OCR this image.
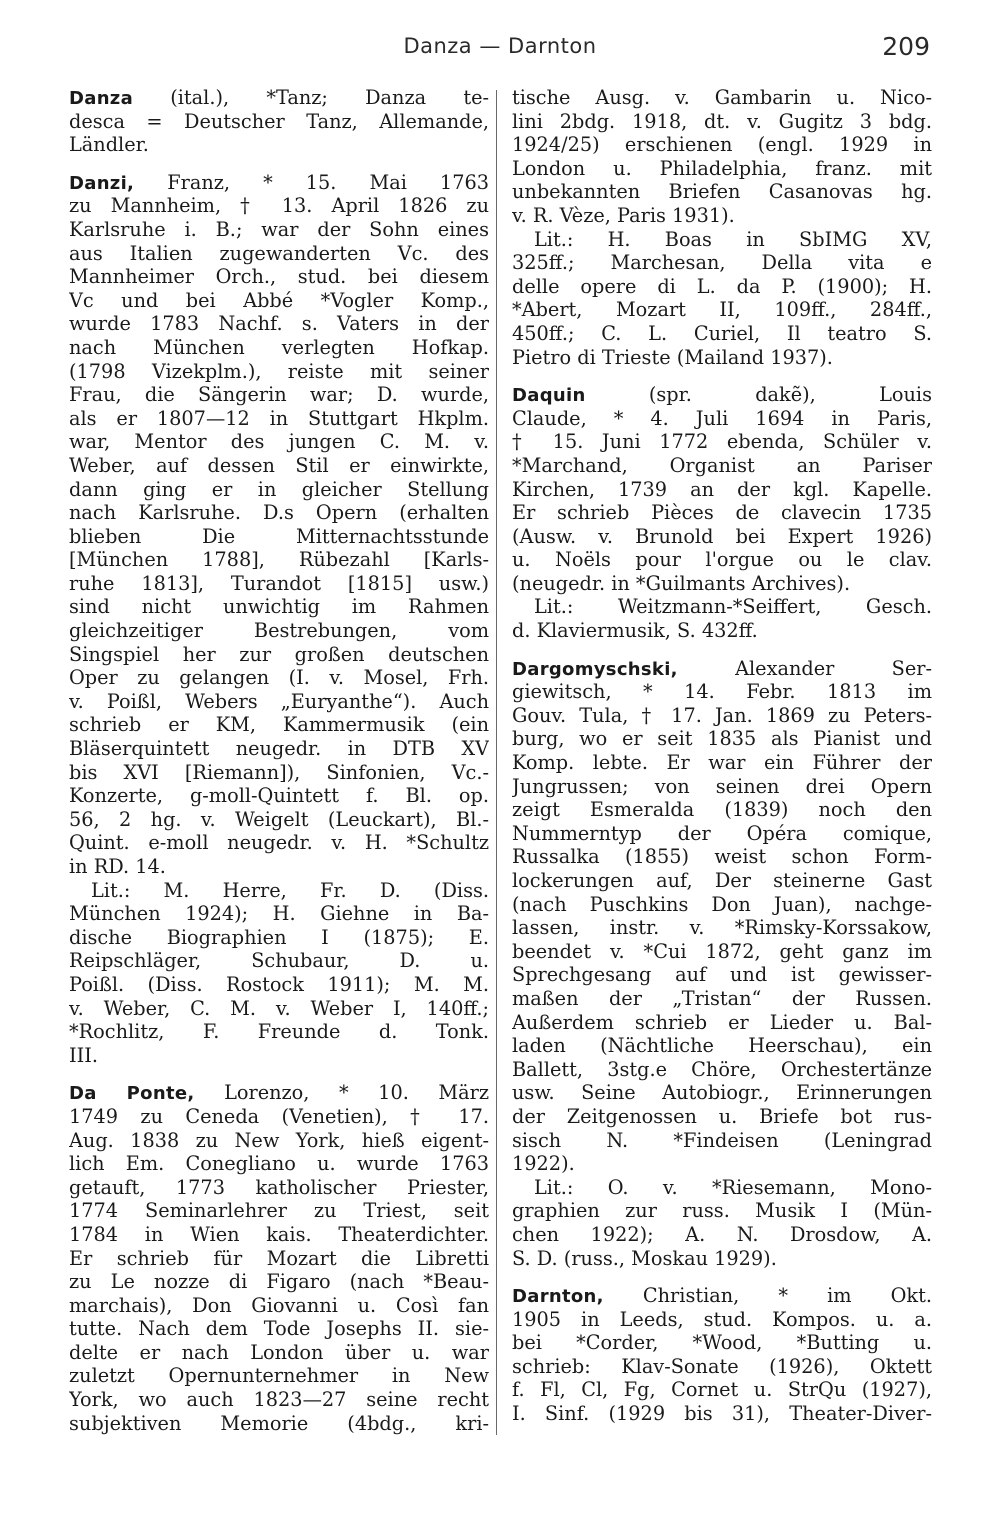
Danza — Darnton	209
Danza (ital.), *Tanz; Danza te-
desca = Deutscher Tanz, Allemande,
Ländler.
Danzi, Franz, * 15. Mai 1763
zu Mannheim, † 13. April 1826 zu
Karlsruhe i. B.; war der Sohn eines
aus Italien zugewanderten Vc. des
Mannheimer Orch., stud. bei diesem
Vc und bei Abbé *Vogler Komp.,
wurde 1783 Nachf. s. Vaters in der
nach München verlegten Hofkap.
(1798 Vizekplm.), reiste mit seiner
Frau, die Sängerin war; D. wurde,
als er 1807—12 in Stuttgart Hkplm.
war, Mentor des jungen C. M. v.
Weber, auf dessen Stil er einwirkte,
dann ging er in gleicher Stellung
nach Karlsruhe. D.s Opern (erhalten
blieben Die Mitternachtsstunde
[München 1788], Rübezahl [Karls-
ruhe 1813], Turandot [1815] usw.)
sind nicht unwichtig im Rahmen
gleichzeitiger Bestrebungen, vom
Singspiel her zur großen deutschen
Oper zu gelangen (I. v. Mosel, Frh.
v. Poißl, Webers „Euryanthe“). Auch
schrieb er KM, Kammermusik (ein
Bläserquintett neugedr. in DTB XV
bis XVI [Riemann]), Sinfonien, Vc.-
Konzerte, g-moll-Quintett f. Bl. op.
56, 2 hg. v. Weigelt (Leuckart), Bl.-
Quint. e-moll neugedr. v. H. *Schultz
in RD. 14.
Lit.: M. Herre, Fr. D. (Diss.
München 1924); H. Giehne in Ba-
dische Biographien I (1875); E.
Reipschläger, Schubaur, D. u.
Poißl. (Diss. Rostock 1911); M. M.
v. Weber, C. M. v. Weber I, 140ff.;
*Rochlitz, F. Freunde d. Tonk.
III.
Da Ponte, Lorenzo, * 10. März
1749 zu Ceneda (Venetien), † 17.
Aug. 1838 zu New York, hieß eigent-
lich Em. Conegliano u. wurde 1763
getauft, 1773 katholischer Priester,
1774 Seminarlehrer zu Triest, seit
1784 in Wien kais. Theaterdichter.
Er schrieb für Mozart die Libretti
zu Le nozze di Figaro (nach *Beau-
marchais), Don Giovanni u. Così fan
tutte. Nach dem Tode Josephs II. sie-
delte er nach London über u. war
zuletzt Opernunternehmer in New
York, wo auch 1823—27 seine recht
subjektiven Memorie (4bdg., kri-
tische Ausg. v. Gambarin u. Nico-
lini 2bdg. 1918, dt. v. Gugitz 3 bdg.
1924/25) erschienen (engl. 1929 in
London u. Philadelphia, franz. mit
unbekannten Briefen Casanovas hg.
v. R. Vèze, Paris 1931).
Lit.: H. Boas in SbIMG XV,
325ff.; Marchesan, Della vita e
delle opere di L. da P. (1900); H.
*Abert, Mozart II, 109ff., 284ff.,
450ff.; C. L. Curiel, Il teatro S.
Pietro di Trieste (Mailand 1937).
Daquin (spr. dakẽ), Louis
Claude, * 4. Juli 1694 in Paris,
† 15. Juni 1772 ebenda, Schüler v.
*Marchand, Organist an Pariser
Kirchen, 1739 an der kgl. Kapelle.
Er schrieb Pièces de clavecin 1735
(Ausw. v. Brunold bei Expert 1926)
u. Noëls pour l'orgue ou le clav.
(neugedr. in *Guilmants Archives).
Lit.: Weitzmann-*Seiffert, Gesch.
d. Klaviermusik, S. 432ff.
Dargomyschski, Alexander Ser-
giewitsch, * 14. Febr. 1813 im
Gouv. Tula, † 17. Jan. 1869 zu Peters-
burg, wo er seit 1835 als Pianist und
Komp. lebte. Er war ein Führer der
Jungrussen; von seinen drei Opern
zeigt Esmeralda (1839) noch den
Nummerntyp der Opéra comique,
Russalka (1855) weist schon Form-
lockerungen auf, Der steinerne Gast
(nach Puschkins Don Juan), nachge-
lassen, instr. v. *Rimsky-Korssakow,
beendet v. *Cui 1872, geht ganz im
Sprechgesang auf und ist gewisser-
maßen der „Tristan“ der Russen.
Außerdem schrieb er Lieder u. Bal-
laden (Nächtliche Heerschau), ein
Ballett, 3stg.e Chöre, Orchestertänze
usw. Seine Autobiogr., Erinnerungen
der Zeitgenossen u. Briefe bot rus-
sisch N. *Findeisen (Leningrad
1922).
Lit.: O. v. *Riesemann, Mono-
graphien zur russ. Musik I (Mün-
chen 1922); A. N. Drosdow, A.
S. D. (russ., Moskau 1929).
Darnton, Christian, * im Okt.
1905 in Leeds, stud. Kompos. u. a.
bei *Corder, *Wood, *Butting u.
schrieb: Klav-Sonate (1926), Oktett
f. Fl, Cl, Fg, Cornet u. StrQu (1927),
I. Sinf. (1929 bis 31), Theater-Diver-
